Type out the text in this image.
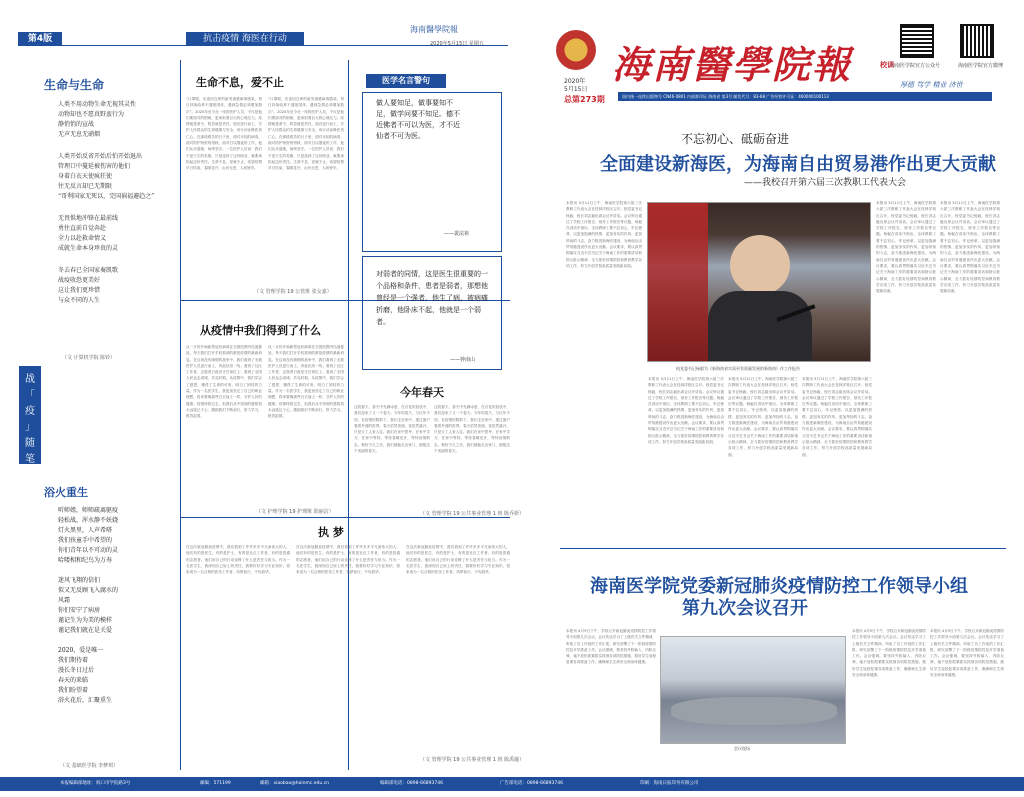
第4版	抗击疫情 海医在行动
海南醫學院報
2020年5月15日 星期五
生命与生命

人类不用动物生命无视其灵性
动物却也不愿真野蛮行为
静悄悄的宣战
无声无息无硝烟

人类开始反省开始后怕开始退出
管理口中蔓延被伤害的他们
身着白衣天使疯狂使
往无反言却已无期限
“哥利国家无死以，完国祸福避趋之”

无畏惧地冲锋在最前线
勇往直前自觉奔赴
全力以赴救命情义
成就生命本身珍贵的灵

冬去春已全国家奏凯歌
战疫收恐更美好
这让我们更珍惜
与众不同的人生

（文 计算机学院 陈铃）
战
「
疫
」
随
笔
浴火重生

听师姐，师师疏离驱疫
轻松战，浑水静不妖娆
灯火黑里，人声希嗒
我们孩童手中希望的
你们青年以不可动的灵
哈喽相和纪鸟为万寿

迷风飞翔的信们
似又无反顾飞入腐水的
风霜
你们安宁了病房
谨记生为为美的模样
谨记我们就在是关爱

2020，爱是唯一
我们期待着
漫长冬日过后
春天的来临
我们盼望着
浴火花后，汇聚重生

（文 基础医学院 李梦琪）
生命不息，爱不止
“口罩呢，应追回仓库的新发流感病毒感染，每日持续给养不通报国体，遇到急情必须增加数次”。2020年至今在一线的医护人员，不仅是他们要面对的困难，更承担着巨大的心理压力。疫情就是命令，防控就是责任。他们逆行而上，守护人民群众的生命健康与安全，用行动诠释医者仁心。在那段艰苦的日子里，面对未知的病毒，面对防护物资的短缺，面对日以继夜的工作，他们从未退缩，始终坚守。一位医护人员说：我们不是天生的英雄，只是选择了这份职业，就要承担起这份责任。生命不息，爱就不止，希望疫情早日结束，春暖花开，山河无恙，人间皆安。
“口罩呢，应追回仓库的新发流感病毒感染，每日持续给养不通报国体，遇到急情必须增加数次”。2020年至今在一线的医护人员，不仅是他们要面对的困难，更承担着巨大的心理压力。疫情就是命令，防控就是责任。他们逆行而上，守护人民群众的生命健康与安全，用行动诠释医者仁心。在那段艰苦的日子里，面对未知的病毒，面对防护物资的短缺，面对日以继夜的工作，他们从未退缩，始终坚守。一位医护人员说：我们不是天生的英雄，只是选择了这份职业，就要承担起这份责任。生命不息，爱就不止，希望疫情早日结束，春暖花开，山河无恙，人间皆安。
（文 管理学院 19 公管班 张女嘉）
从疫情中我们得到了什么
从一月份开始新型冠状病毒在全国范围内迅速蔓延，每天我们打开手机看到的都是疫情的最新消息。在这场没有硝烟的战争中，我们看到了无数医护人员逆行而上，奔赴抗疫一线；看到了社区工作者、志愿者日夜坚守在岗位上；看到了全国人民众志成城、共克时艰。从疫情中，我们学会了感恩，懂得了生命的可贵，明白了团结的力量。作为一名医学生，我更加坚定了自己的职业理想，将来要像那些白衣战士一样，守护人民的健康。疫情终将过去，但我们从中得到的感悟将永远铭记于心，激励我们不断前行，努力学习，报效祖国。
从一月份开始新型冠状病毒在全国范围内迅速蔓延，每天我们打开手机看到的都是疫情的最新消息。在这场没有硝烟的战争中，我们看到了无数医护人员逆行而上，奔赴抗疫一线；看到了社区工作者、志愿者日夜坚守在岗位上；看到了全国人民众志成城、共克时艰。从疫情中，我们学会了感恩，懂得了生命的可贵，明白了团结的力量。作为一名医学生，我更加坚定了自己的职业理想，将来要像那些白衣战士一样，守护人民的健康。疫情终将过去，但我们从中得到的感悟将永远铭记于心，激励我们不断前行，努力学习，报效祖国。
（文 护理学院 19 护理班 阳丽洁）
医学名言警句
做人要知足，做事要知不足，做学问要不知足。德不近佛者不可以为医，才不近仙者不可为医。
——裴法祖
对弱者的同情，这是医生很重要的一个品格和条件，患者是弱者，那想他曾经是一个强者，他生了病，被病痛折磨，他卧床不起，他就是一个弱者。
——钟南山
今年春天
这段春天，春天中充满诗意，在百花的怒放中，我们迎来了又一个春天。今年的春天，与往年不同，在疫情的阴影下，我们宅在家中，透过窗户看着外面的世界。春天依然美丽，花依然盛开，只是少了人来人往。我们在家中思考，在家中学习，在家中等待。等待春暖花开，等待疫情散去。相信不久之后，我们就能走出家门，拥抱这个美丽的春天。
这段春天，春天中充满诗意，在百花的怒放中，我们迎来了又一个春天。今年的春天，与往年不同，在疫情的阴影下，我们宅在家中，透过窗户看着外面的世界。春天依然美丽，花依然盛开，只是少了人来人往。我们在家中思考，在家中学习，在家中等待。等待春暖花开，等待疫情散去。相信不久之后，我们就能走出家门，拥抱这个美丽的春天。
（文 管理学院 19 公共事业管理 1 班 陈乔妍）
执 梦
在这次新冠肺炎疫情中，我们看到了许许多多平凡而伟大的人，他们有的是医生，有的是护士，有的是社区工作者，有的是普通的志愿者。他们用自己的行动诠释了什么是责任与担当。作为一名医学生，我深知自己肩上的责任，我要好好学习专业知识，将来成为一名合格的医务工作者，执梦前行，不负韶华。
在这次新冠肺炎疫情中，我们看到了许许多多平凡而伟大的人，他们有的是医生，有的是护士，有的是社区工作者，有的是普通的志愿者。他们用自己的行动诠释了什么是责任与担当。作为一名医学生，我深知自己肩上的责任，我要好好学习专业知识，将来成为一名合格的医务工作者，执梦前行，不负韶华。
在这次新冠肺炎疫情中，我们看到了许许多多平凡而伟大的人，他们有的是医生，有的是护士，有的是社区工作者，有的是普通的志愿者。他们用自己的行动诠释了什么是责任与担当。作为一名医学生，我深知自己肩上的责任，我要好好学习专业知识，将来成为一名合格的医务工作者，执梦前行，不负韶华。
（文 管理学院 19 公共事业管理 1 班 陈禹璇）
海南醫學院報	海南医学院官方公众号	海南医学院官方微博
校训
厚德 笃学 精业 济世
2020年
5月15日
总第273期	国内统一连续出版物号 CN46-0801 内部准印证 海南省 第3号 邮发代号：83-68 广告经营许可证：460000100113
不忘初心、砥砺奋进
全面建设新海医，为海南自由贸易港作出更大贡献
——我校召开第六届三次教职工代表大会
本报讯 5月11日上午，海南医学院第六届三次教职工代表大会在桂林洋校区召开。校党委书记杨毅，校长刘志毅出席会议并讲话。会议审议通过了学校工作报告、财务工作报告等议题。杨毅在讲话中指出，全体教职工要不忘初心、牢记使命，以更加饱满的热情、更加务实的作风、更加昂扬的斗志，奋力推进新海医建设，为海南自由贸易港建设作出更大贡献。会议要求，要认真贯彻落实习近平总书记关于海南工作的重要讲话和指示批示精神，全力抓好疫情防控和教育教学各项工作，努力开创学校高质量发展新局面。
校党委书记杨毅为《新海南省实质更有质量发展的新海南》作工作报告
本报讯 5月11日上午，海南医学院第六届三次教职工代表大会在桂林洋校区召开。校党委书记杨毅，校长刘志毅出席会议并讲话。会议审议通过了学校工作报告、财务工作报告等议题。杨毅在讲话中指出，全体教职工要不忘初心、牢记使命，以更加饱满的热情、更加务实的作风、更加昂扬的斗志，奋力推进新海医建设，为海南自由贸易港建设作出更大贡献。会议要求，要认真贯彻落实习近平总书记关于海南工作的重要讲话和指示批示精神，全力抓好疫情防控和教育教学各项工作，努力开创学校高质量发展新局面。
本报讯 5月11日上午，海南医学院第六届三次教职工代表大会在桂林洋校区召开。校党委书记杨毅，校长刘志毅出席会议并讲话。会议审议通过了学校工作报告、财务工作报告等议题。杨毅在讲话中指出，全体教职工要不忘初心、牢记使命，以更加饱满的热情、更加务实的作风、更加昂扬的斗志，奋力推进新海医建设，为海南自由贸易港建设作出更大贡献。会议要求，要认真贯彻落实习近平总书记关于海南工作的重要讲话和指示批示精神，全力抓好疫情防控和教育教学各项工作，努力开创学校高质量发展新局面。
本报讯 5月11日上午，海南医学院第六届三次教职工代表大会在桂林洋校区召开。校党委书记杨毅，校长刘志毅出席会议并讲话。会议审议通过了学校工作报告、财务工作报告等议题。杨毅在讲话中指出，全体教职工要不忘初心、牢记使命，以更加饱满的热情、更加务实的作风、更加昂扬的斗志，奋力推进新海医建设，为海南自由贸易港建设作出更大贡献。会议要求，要认真贯彻落实习近平总书记关于海南工作的重要讲话和指示批示精神，全力抓好疫情防控和教育教学各项工作，努力开创学校高质量发展新局面。
本报讯 5月11日上午，海南医学院第六届三次教职工代表大会在桂林洋校区召开。校党委书记杨毅，校长刘志毅出席会议并讲话。会议审议通过了学校工作报告、财务工作报告等议题。杨毅在讲话中指出，全体教职工要不忘初心、牢记使命，以更加饱满的热情、更加务实的作风、更加昂扬的斗志，奋力推进新海医建设，为海南自由贸易港建设作出更大贡献。会议要求，要认真贯彻落实习近平总书记关于海南工作的重要讲话和指示批示精神，全力抓好疫情防控和教育教学各项工作，努力开创学校高质量发展新局面。
本报讯 5月11日上午，海南医学院第六届三次教职工代表大会在桂林洋校区召开。校党委书记杨毅，校长刘志毅出席会议并讲话。会议审议通过了学校工作报告、财务工作报告等议题。杨毅在讲话中指出，全体教职工要不忘初心、牢记使命，以更加饱满的热情、更加务实的作风、更加昂扬的斗志，奋力推进新海医建设，为海南自由贸易港建设作出更大贡献。会议要求，要认真贯彻落实习近平总书记关于海南工作的重要讲话和指示批示精神，全力抓好疫情防控和教育教学各项工作，努力开创学校高质量发展新局面。
海南医学院党委新冠肺炎疫情防控工作领导小组
第九次会议召开
本报讯 4月9日下午，学校召开新冠肺炎疫情防控工作领导小组第九次会议。会议传达学习了上级有关文件精神，听取了各工作组的工作汇报，研究部署了下一阶段疫情防控及开学准备工作。会议强调，要坚持外防输入、内防反弹，毫不放松抓紧抓实抓细各项防控措施，做好学生返校复课各项准备工作，确保师生生命安全和身体健康。
会议现场
本报讯 4月9日下午，学校召开新冠肺炎疫情防控工作领导小组第九次会议。会议传达学习了上级有关文件精神，听取了各工作组的工作汇报，研究部署了下一阶段疫情防控及开学准备工作。会议强调，要坚持外防输入、内防反弹，毫不放松抓紧抓实抓细各项防控措施，做好学生返校复课各项准备工作，确保师生生命安全和身体健康。
本报讯 4月9日下午，学校召开新冠肺炎疫情防控工作领导小组第九次会议。会议传达学习了上级有关文件精神，听取了各工作组的工作汇报，研究部署了下一阶段疫情防控及开学准备工作。会议强调，要坚持外防输入、内防反弹，毫不放松抓紧抓实抓细各项防控措施，做好学生返校复课各项准备工作，确保师生生命安全和身体健康。
本报编辑部地址：海口市学院路3号	邮编：571199	邮箱：xiaobao@hainmc.edu.cn	编辑部电话：0898-66893746	广告部电话：0898-66893746	印刷：海南日报印务有限公司
